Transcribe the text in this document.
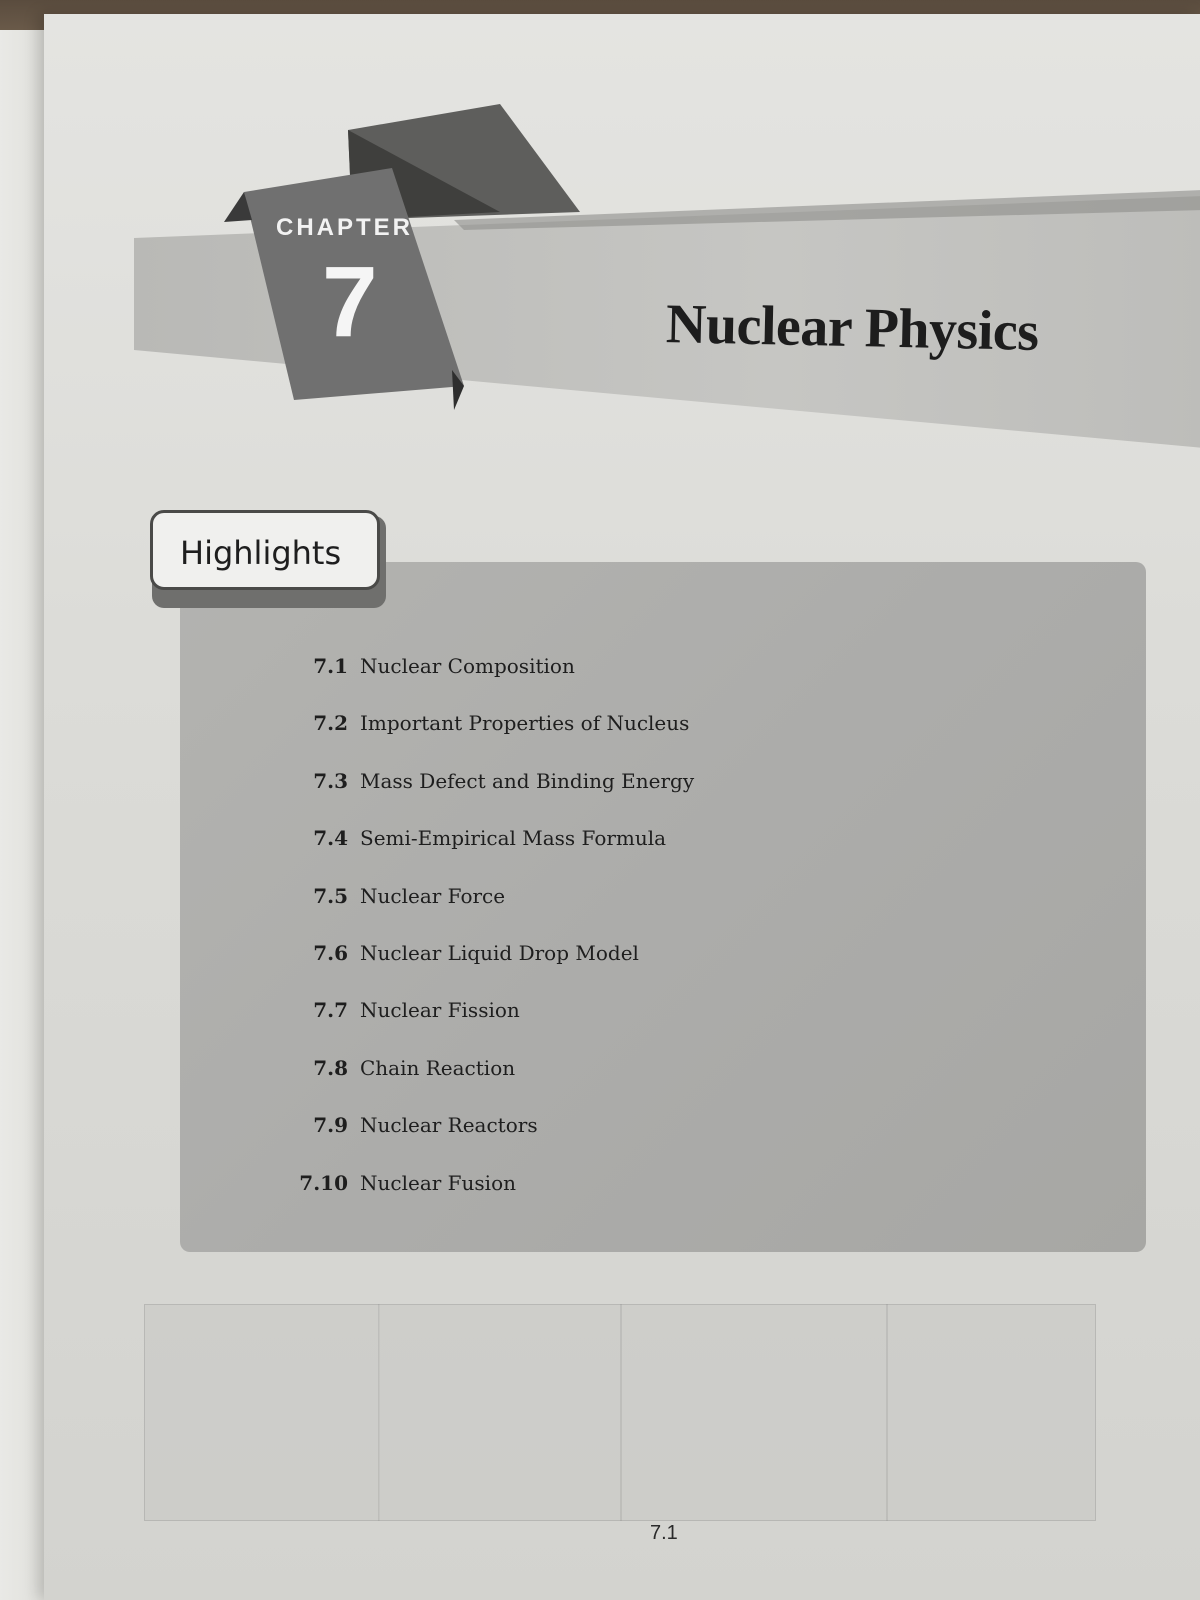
CHAPTER
7	Nuclear Physics
Highlights
7.1 Nuclear Composition
7.2 Important Properties of Nucleus
7.3 Mass Defect and Binding Energy
7.4 Semi-Empirical Mass Formula
7.5 Nuclear Force
7.6 Nuclear Liquid Drop Model
7.7 Nuclear Fission
7.8 Chain Reaction
7.9 Nuclear Reactors
7.10 Nuclear Fusion
7.1
